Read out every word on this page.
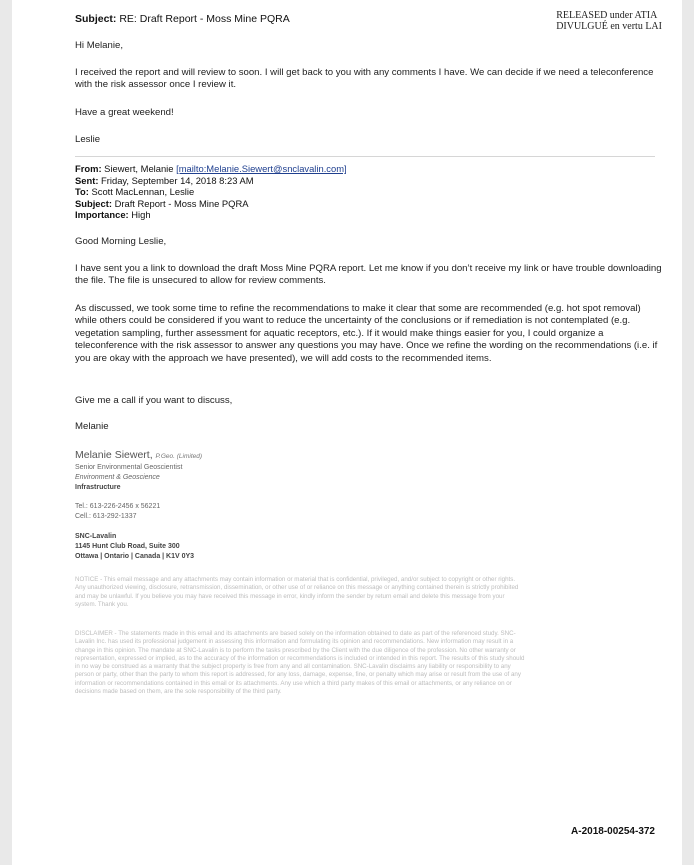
RELEASED under ATIA
DIVULGUÉ en vertu LAI
Subject: RE: Draft Report - Moss Mine PQRA
Hi Melanie,
I received the report and will review to soon. I will get back to you with any comments I have. We can decide if we need a teleconference with the risk assessor once I review it.
Have a great weekend!
Leslie
From: Siewert, Melanie [mailto:Melanie.Siewert@snclavalin.com]
Sent: Friday, September 14, 2018 8:23 AM
To: Scott MacLennan, Leslie
Subject: Draft Report - Moss Mine PQRA
Importance: High
Good Morning Leslie,
I have sent you a link to download the draft Moss Mine PQRA report. Let me know if you don’t receive my link or have trouble downloading the file. The file is unsecured to allow for review comments.
As discussed, we took some time to refine the recommendations to make it clear that some are recommended (e.g. hot spot removal) while others could be considered if you want to reduce the uncertainty of the conclusions or if remediation is not contemplated (e.g. vegetation sampling, further assessment for aquatic receptors, etc.). If it would make things easier for you, I could organize a teleconference with the risk assessor to answer any questions you may have. Once we refine the wording on the recommendations (i.e. if you are okay with the approach we have presented), we will add costs to the recommended items.
Give me a call if you want to discuss,
Melanie
Melanie Siewert, P.Geo. (Limited)
Senior Environmental Geoscientist
Environment & Geoscience
Infrastructure
Tel.: 613-226-2456 x 56221
Cell.: 613-292-1337
SNC-Lavalin
1145 Hunt Club Road, Suite 300
Ottawa | Ontario | Canada | K1V 0Y3
NOTICE - This email message and any attachments may contain information or material that is confidential, privileged, and/or subject to copyright or other rights. Any unauthorized viewing, disclosure, retransmission, dissemination, or other use of or reliance on this message or anything contained therein is strictly prohibited and may be unlawful. If you believe you may have received this message in error, kindly inform the sender by return email and delete this message from your system. Thank you.
DISCLAIMER - The statements made in this email and its attachments are based solely on the information obtained to date as part of the referenced study. SNC-Lavalin Inc. has used its professional judgement in assessing this information and formulating its opinion and recommendations. New information may result in a change in this opinion. The mandate at SNC-Lavalin is to perform the tasks prescribed by the Client with the due diligence of the profession. No other warranty or representation, expressed or implied, as to the accuracy of the information or recommendations is included or intended in this report. The results of this study should in no way be construed as a warranty that the subject property is free from any and all contamination. SNC-Lavalin disclaims any liability or responsibility to any person or party, other than the party to whom this report is addressed, for any loss, damage, expense, fine, or penalty which may arise or result from the use of any information or recommendations contained in this email or its attachments. Any use which a third party makes of this email or attachments, or any reliance on or decisions made based on them, are the sole responsibility of the third party.
A-2018-00254-372
